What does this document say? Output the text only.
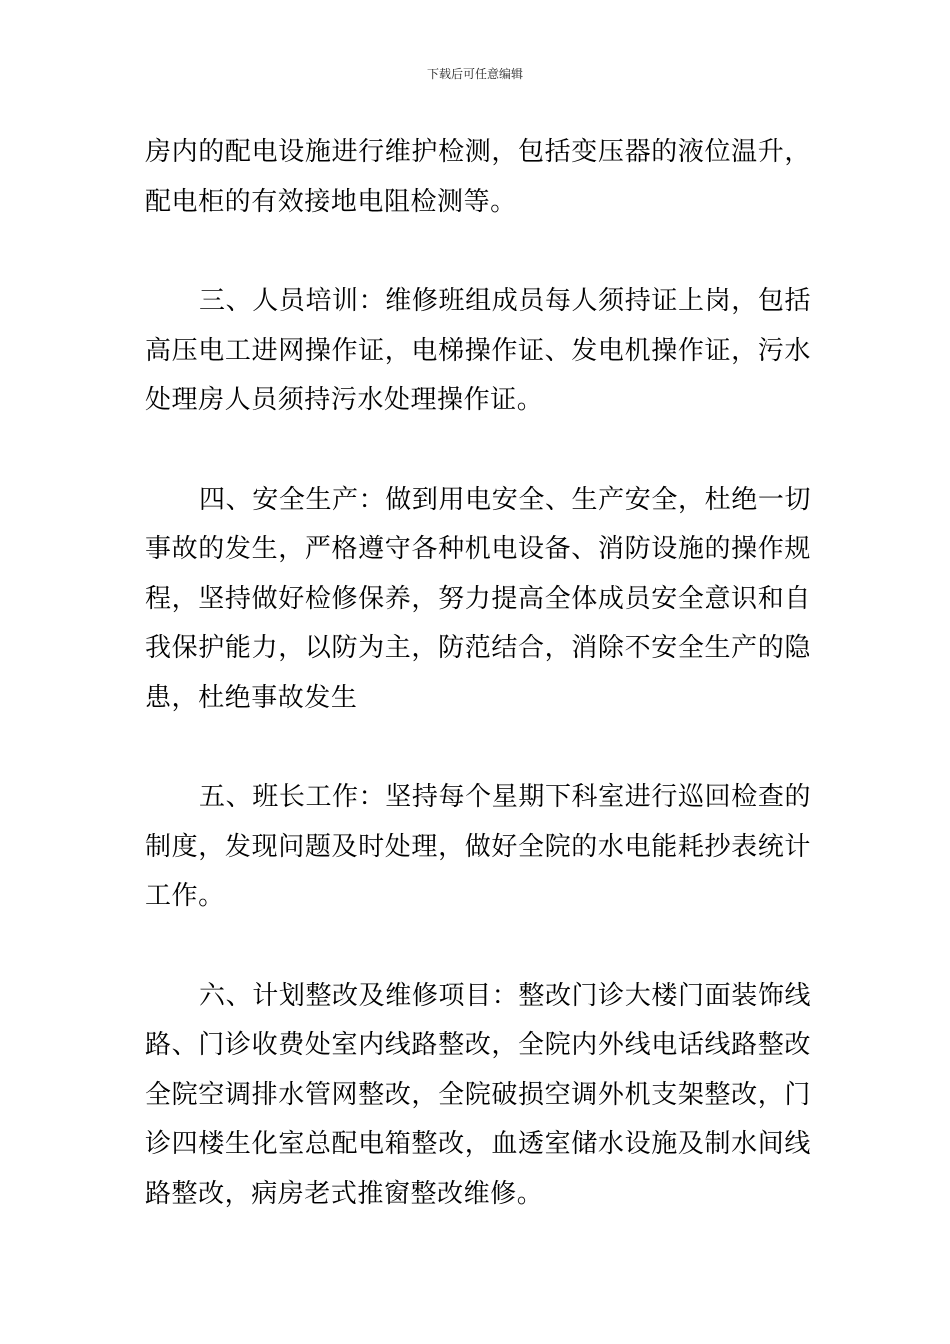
下载后可任意编辑

房内的配电设施进行维护检测，包括变压器的液位温升，配电柜的有效接地电阻检测等。

三、人员培训：维修班组成员每人须持证上岗，包括高压电工进网操作证，电梯操作证、发电机操作证，污水处理房人员须持污水处理操作证。

四、安全生产：做到用电安全、生产安全，杜绝一切事故的发生，严格遵守各种机电设备、消防设施的操作规程，坚持做好检修保养，努力提高全体成员安全意识和自我保护能力，以防为主，防范结合，消除不安全生产的隐患，杜绝事故发生

五、班长工作：坚持每个星期下科室进行巡回检查的制度，发现问题及时处理，做好全院的水电能耗抄表统计工作。

六、计划整改及维修项目：整改门诊大楼门面装饰线路、门诊收费处室内线路整改，全院内外线电话线路整改全院空调排水管网整改，全院破损空调外机支架整改，门诊四楼生化室总配电箱整改，血透室储水设施及制水间线路整改，病房老式推窗整改维修。
